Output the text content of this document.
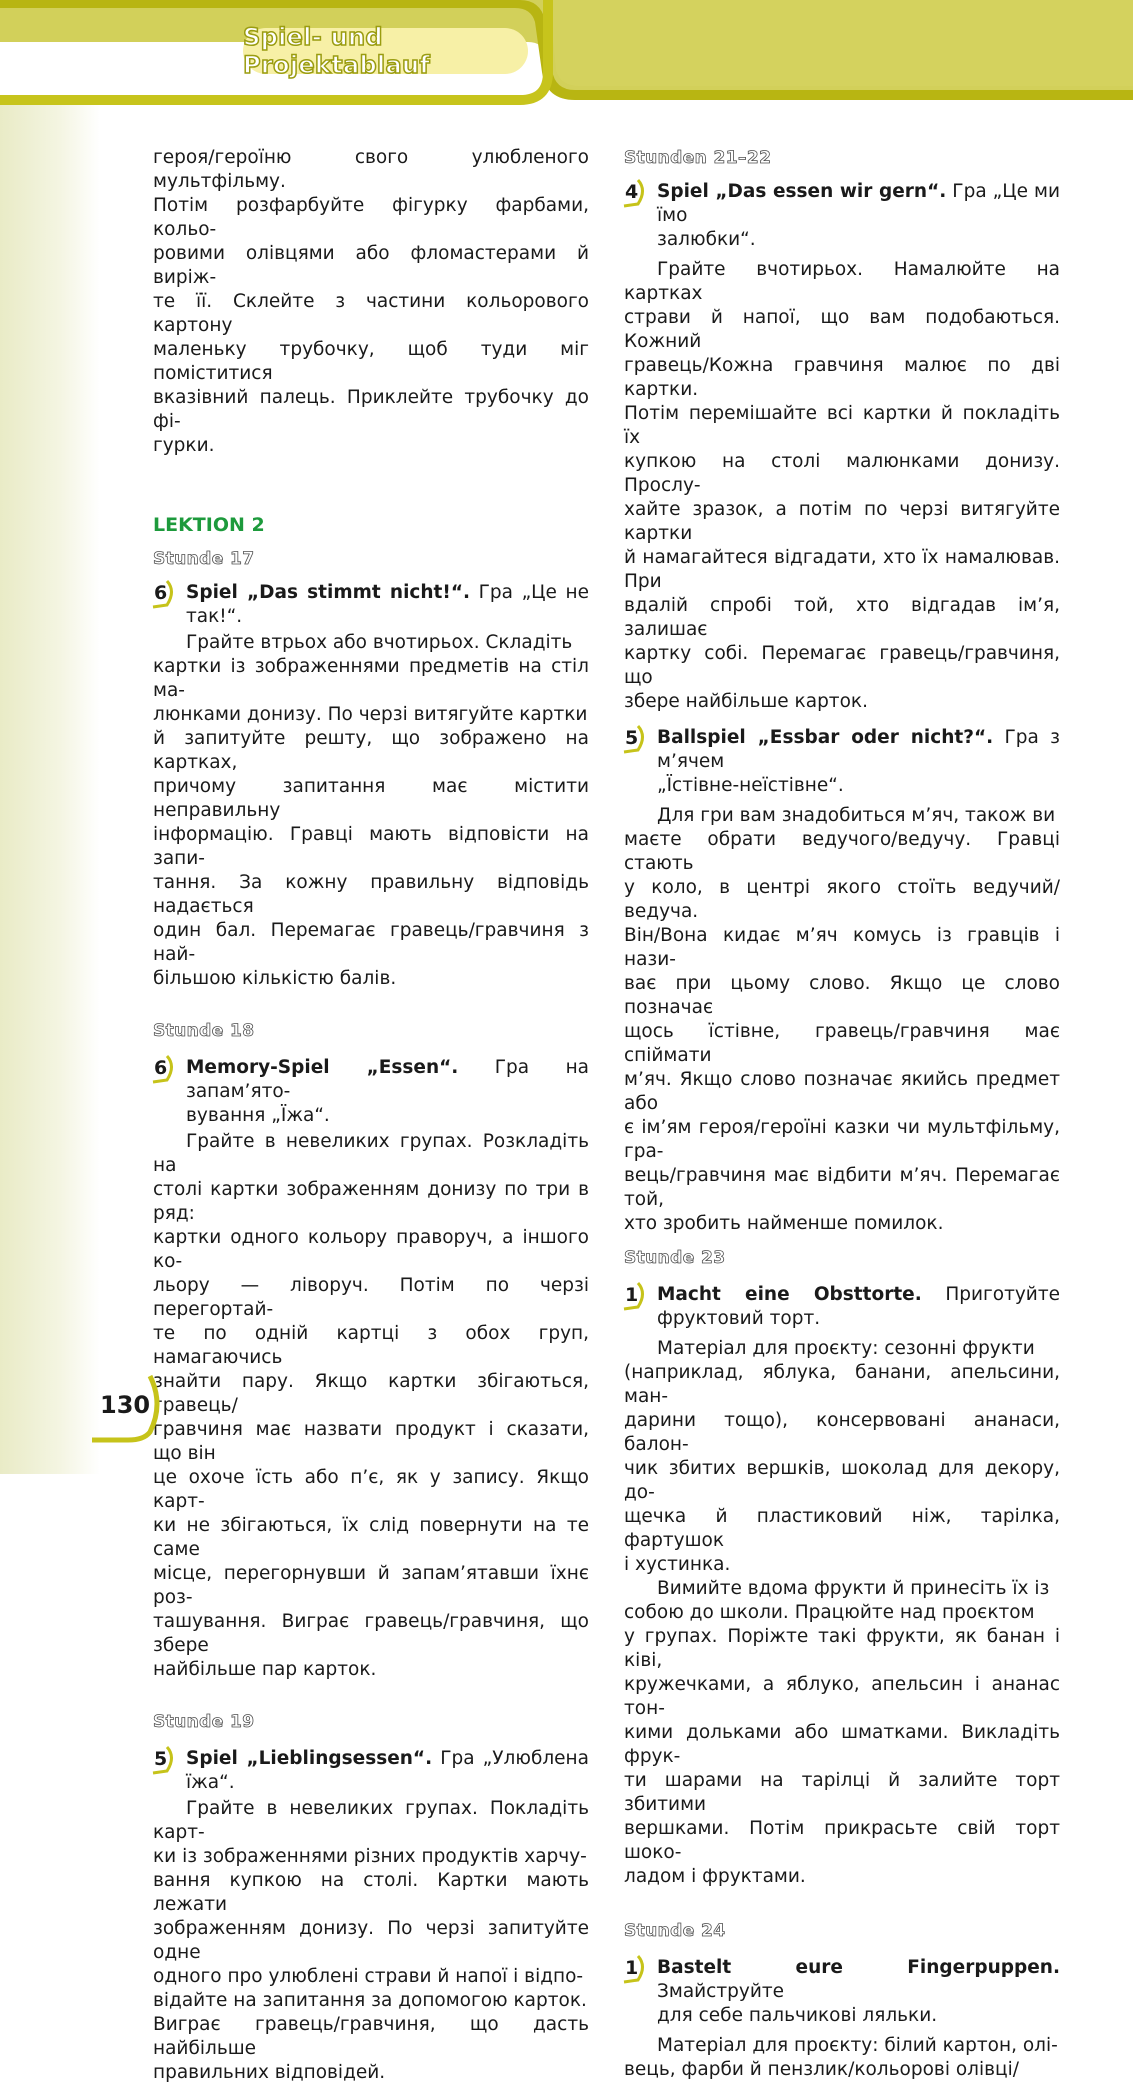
Spiel- und Projektablauf

героя/героїню свого улюбленого мультфільму.

Потім розфарбуйте фігурку фарбами, кольо-

ровими олівцями або фломастерами й виріж-

те її. Склейте з частини кольорового картону

маленьку трубочку, щоб туди міг поміститися

вказівний палець. Приклейте трубочку до фі-

гурки.

LEKTION 2

Stunde 17

6 Spiel „Das stimmt nicht!“. Гра „Це не так!“.

Грайте втрьох або вчотирьох. Складіть

картки із зображеннями предметів на стіл ма-

люнками донизу. По черзі витягуйте картки

й запитуйте решту, що зображено на картках,

причому запитання має містити неправильну

інформацію. Гравці мають відповісти на запи-

тання. За кожну правильну відповідь надається

один бал. Перемагає гравець/гравчиня з най-

більшою кількістю балів.

Stunde 18

6 Memory-Spiel „Essen“. Гра на запам’ято-

вування „Їжа“.

Грайте в невеликих групах. Розкладіть на

столі картки зображенням донизу по три в ряд:

картки одного кольору праворуч, а іншого ко-

льору — ліворуч. Потім по черзі перегортай-

те по одній картці з обох груп, намагаючись

знайти пару. Якщо картки збігаються, гравець/

гравчиня має назвати продукт і сказати, що він

це охоче їсть або п’є, як у запису. Якщо карт-

ки не збігаються, їх слід повернути на те саме

місце, перегорнувши й запам’ятавши їхнє роз-

ташування. Виграє гравець/гравчиня, що збере

найбільше пар карток.

Stunde 19

5 Spiel „Lieblingsessen“. Гра „Улюблена їжа“.

Грайте в невеликих групах. Покладіть карт-

ки із зображеннями різних продуктів харчу-

вання купкою на столі. Картки мають лежати

зображенням донизу. По черзі запитуйте одне

одного про улюблені страви й напої і відпо-

відайте на запитання за допомогою карток.

Виграє гравець/гравчиня, що дасть найбільше

правильних відповідей.

Stunden 21–22

4 Spiel „Das essen wir gern“. Гра „Це ми їмо

залюбки“.

Грайте вчотирьох. Намалюйте на картках

страви й напої, що вам подобаються. Кожний

гравець/Кожна гравчиня малює по дві картки.

Потім перемішайте всі картки й покладіть їх

купкою на столі малюнками донизу. Прослу-

хайте зразок, а потім по черзі витягуйте картки

й намагайтеся відгадати, хто їх намалював. При

вдалій спробі той, хто відгадав ім’я, залишає

картку собі. Перемагає гравець/гравчиня, що

збере найбільше карток.

5 Ballspiel „Essbar oder nicht?“. Гра з м’ячем

„Їстівне-неїстівне“.

Для гри вам знадобиться м’яч, також ви

маєте обрати ведучого/ведучу. Гравці стають

у коло, в центрі якого стоїть ведучий/ведуча.

Він/Вона кидає м’яч комусь із гравців і нази-

ває при цьому слово. Якщо це слово позначає

щось їстівне, гравець/гравчиня має спіймати

м’яч. Якщо слово позначає якийсь предмет або

є ім’ям героя/героїні казки чи мультфільму, гра-

вець/гравчиня має відбити м’яч. Перемагає той,

хто зробить найменше помилок.

Stunde 23

1 Macht eine Obsttorte. Приготуйте

фруктовий торт.

Матеріал для проєкту: сезонні фрукти

(наприклад, яблука, банани, апельсини, ман-

дарини тощо), консервовані ананаси, балон-

чик збитих вершків, шоколад для декору, до-

щечка й пластиковий ніж, тарілка, фартушок

і хустинка.

Вимийте вдома фрукти й принесіть їх із

собою до школи. Працюйте над проєктом

у групах. Поріжте такі фрукти, як банан і ківі,

кружечками, а яблуко, апельсин і ананас тон-

кими дольками або шматками. Викладіть фрук-

ти шарами на тарілці й залийте торт збитими

вершками. Потім прикрасьте свій торт шоко-

ладом і фруктами.

Stunde 24

1 Bastelt eure Fingerpuppen. Змайструйте

для себе пальчикові ляльки.

Матеріал для проєкту: білий картон, олі-

вець, фарби й пензлик/кольорові олівці/

130
